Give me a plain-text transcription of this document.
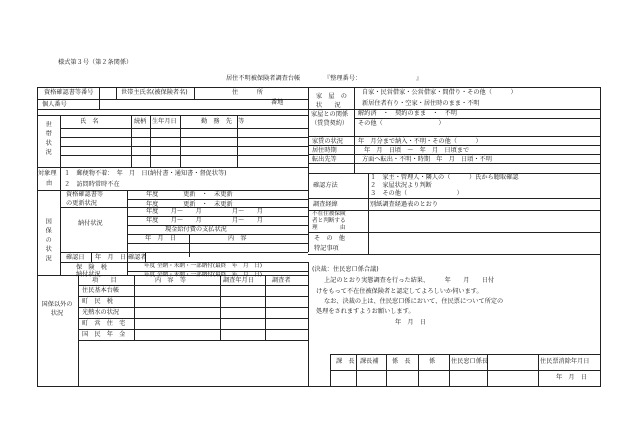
様式第３号（第２条関係）
居住不明被保険者調査台帳	『整理番号：	』
資格確認書等番号	世帯主氏名(被保険者名)	住　　　所
番地
個人番号
世帯状況	氏　名	続柄 生年月日	勤　務　先　等
対象理
由
１　郵便物不着：　年　月　日(納付書・通知書・督促状等)
２　訪問時常時不在
国保の状況
資格確認書等
の更新状況
年度　　　　更新　・　未更新
年度　　　　更新　・　未更新
納付状況
年度　　月～　　月	月～　　月
年度　　月～　　月	月～　　月
現金給付費の支払状況
年　月　日	内　容
確認日 年　月　日 確認者
保　険　税
納付状況
年度 全納・未納・一部納付(最終　年　月　日)
年度 全納・未納・一部納付(最終　年　月　日)
国保以外の状況
項　　目	内　容　等	調査年月日	調査者
住民基本台帳
町　民　税
光熱水の状況
町　営　住　宅
国　民　年　金
家　屋　の
状　　況
自家・民営借家・公営借家・間借り・その他（　　　）
新居住者有り・空家・居住時のまま・不明
家屋との関係
（賃貸契約）
解約済　・　契約のまま　・　不明
その他（　　　　　　　　　）
家賃の状況 年　月分まで納入・不明・その他（　　　）
居住時期	年　月　日頃　～　年　月　日頃まで
転出先等	方面へ転出・不明・時期　年　月　日頃・不明
確認方法
１　家主・管理人・隣人の（　　　）氏から聴取確認
２　家屋状況より判断
３　その他（　　　　　　　　）
調査経緯	別紙調査経過表のとおり
不在住被保険
者と判断する
理　　　　由
そ　の　他
特記事項
(決裁：住民窓口係合議)
上記のとおり実態調査を行った結果、　　　年　　月　　日付
けをもって不在住被保険者と認定してよろしいか伺います。
なお、決裁の上は、住民窓口係において、住民票について所定の
処理をされますようお願いします。
年　月　日
課　長 課長補 係　長	係	住民窓口係長	住民票消除年月日
年　月　日
